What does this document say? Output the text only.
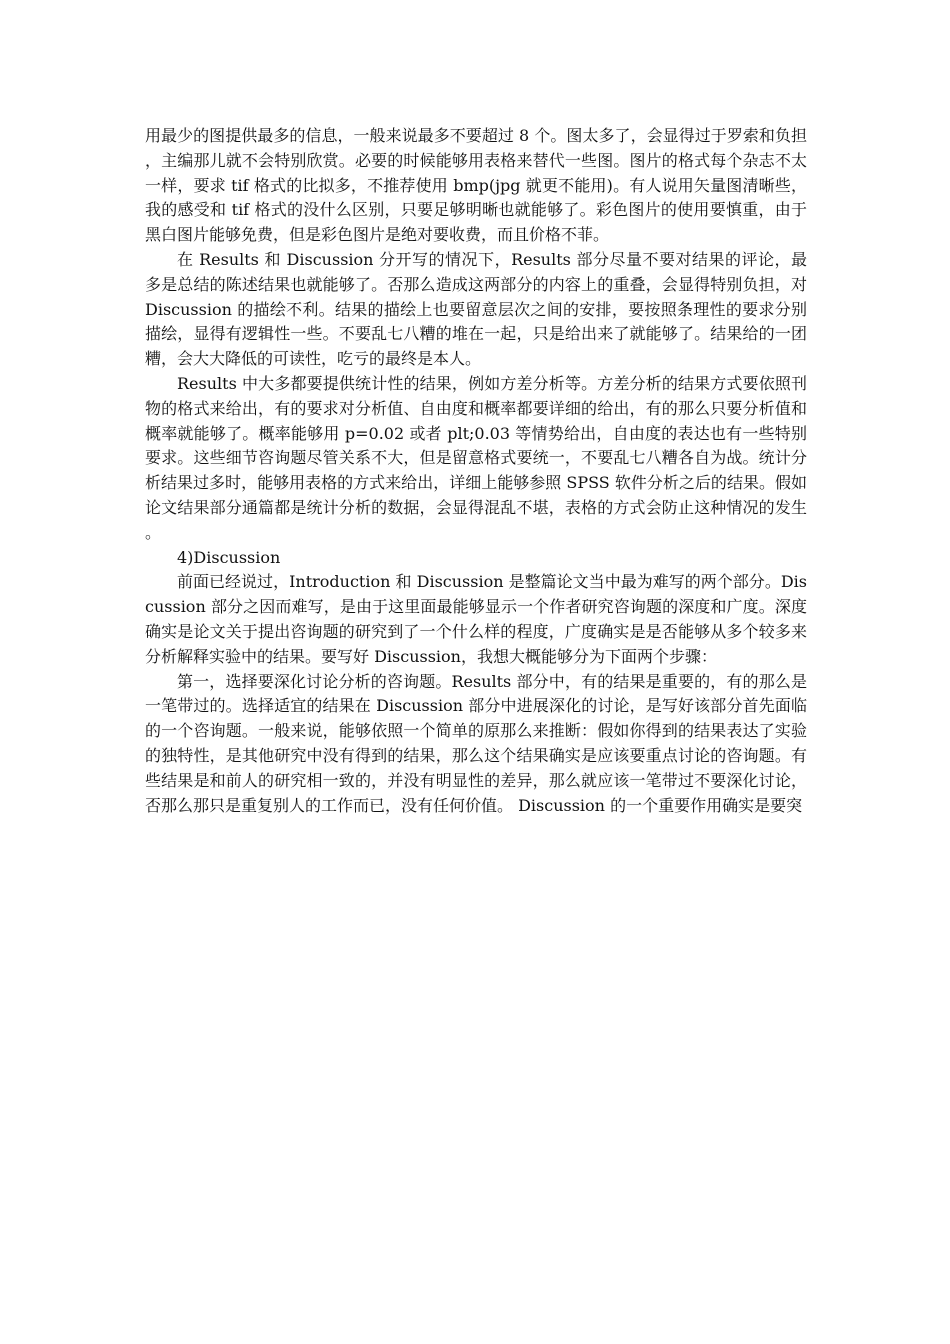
用最少的图提供最多的信息，一般来说最多不要超过 8 个。图太多了，会显得过于罗索和负担，主编那儿就不会特别欣赏。必要的时候能够用表格来替代一些图。图片的格式每个杂志不太一样，要求 tif 格式的比拟多，不推荐使用 bmp(jpg 就更不能用)。有人说用矢量图清晰些，我的感受和 tif 格式的没什么区别，只要足够明晰也就能够了。彩色图片的使用要慎重，由于黑白图片能够免费，但是彩色图片是绝对要收费，而且价格不菲。

在 Results 和 Discussion 分开写的情况下，Results 部分尽量不要对结果的评论，最多是总结的陈述结果也就能够了。否那么造成这两部分的内容上的重叠，会显得特别负担，对 Discussion 的描绘不利。结果的描绘上也要留意层次之间的安排，要按照条理性的要求分别描绘，显得有逻辑性一些。不要乱七八糟的堆在一起，只是给出来了就能够了。结果给的一团糟，会大大降低的可读性，吃亏的最终是本人。

Results 中大多都要提供统计性的结果，例如方差分析等。方差分析的结果方式要依照刊物的格式来给出，有的要求对分析值、自由度和概率都要详细的给出，有的那么只要分析值和概率就能够了。概率能够用 p=0.02 或者 plt;0.03 等情势给出，自由度的表达也有一些特别要求。这些细节咨询题尽管关系不大，但是留意格式要统一，不要乱七八糟各自为战。统计分析结果过多时，能够用表格的方式来给出，详细上能够参照 SPSS 软件分析之后的结果。假如论文结果部分通篇都是统计分析的数据，会显得混乱不堪，表格的方式会防止这种情况的发生。

4)Discussion

前面已经说过，Introduction 和 Discussion 是整篇论文当中最为难写的两个部分。Discussion 部分之因而难写，是由于这里面最能够显示一个作者研究咨询题的深度和广度。深度确实是论文关于提出咨询题的研究到了一个什么样的程度，广度确实是是否能够从多个较多来分析解释实验中的结果。要写好 Discussion，我想大概能够分为下面两个步骤：

第一，选择要深化讨论分析的咨询题。Results 部分中，有的结果是重要的，有的那么是一笔带过的。选择适宜的结果在 Discussion 部分中进展深化的讨论，是写好该部分首先面临的一个咨询题。一般来说，能够依照一个简单的原那么来推断：假如你得到的结果表达了实验的独特性，是其他研究中没有得到的结果，那么这个结果确实是应该要重点讨论的咨询题。有些结果是和前人的研究相一致的，并没有明显性的差异，那么就应该一笔带过不要深化讨论，否那么那只是重复别人的工作而已，没有任何价值。 Discussion 的一个重要作用确实是要突
